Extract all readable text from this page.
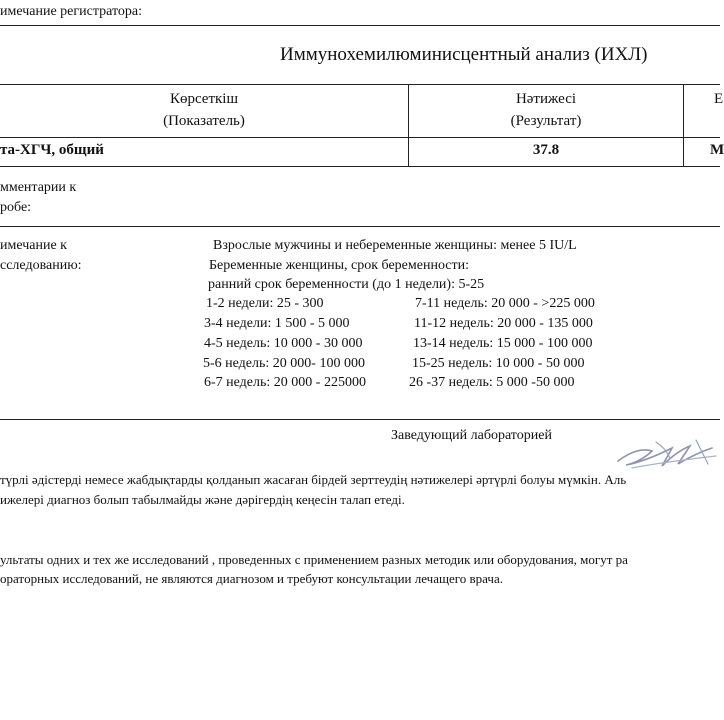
имечание регистратора:
Иммунохемилюминисцентный анализ (ИХЛ)
Көрсеткіш
(Показатель)
Нәтижесі
(Результат)
Е
та-ХГЧ, общий	37.8	М
мментарии к
робе:
имечание к
сследованию:
Взрослые мужчины и небеременные женщины: менее 5 IU/L
Беременные женщины, срок беременности:
ранний срок беременности (до 1 недели): 5-25
1-2 недели: 25 - 300
3-4 недели: 1 500 - 5 000
4-5 недель: 10 000 - 30 000
5-6 недель: 20 000- 100 000
6-7 недель: 20 000 - 225000
7-11 недель: 20 000 - >225 000
11-12 недель: 20 000 - 135 000
13-14 недель: 15 000 - 100 000
15-25 недель: 10 000 - 50 000
26 -37 недель: 5 000 -50 000
Заведующий лабораторией
түрлі әдістерді немесе жабдықтарды қолданып жасаған бірдей зерттеудің нәтижелері әртүрлі болуы мүмкін. Аль
ижелері диагноз болып табылмайды және дәрігердің кеңесін талап етеді.
ультаты одних и тех же исследований , проведенных с применением разных методик или оборудования, могут ра
оратoрных исследований, не являются диагнозом и требуют консультации лечащего врача.
